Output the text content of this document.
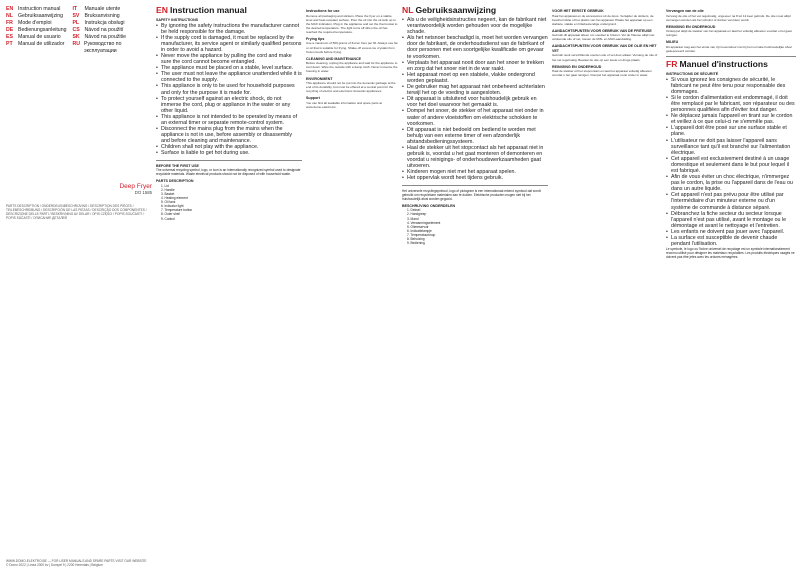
EN Instruction manual
NL Gebruiksaanwijzing
FR Mode d'emploi
DE Bedienungsanleitung
ES Manual de usuario
PT	Manual de utilizador
IT	Manuale utente
SV Bruksanvisning
PL	Instrukcja obsługi
CS Návod na použití
SK Návod na použitie
RU Руководство по эксплуатации
Deep Fryer
DO 1585
PARTS DESCRIPTION / ONDERDELENBESCHRIJVING / DESCRIPTION DES PIÈCES / TEILEBESCHREIBUNG / DESCRIPCIÓN DE LAS PIEZAS / DESCRIÇÃO DOS COMPONENTES / DESCRIZIONE DELLE PARTI / BESKRIVNING AV DELAR / OPIS CZĘŚCI / POPIS SOUČÁSTÍ / POPIS SÚČASTÍ / ОПИСАНИЕ ДЕТАЛЕЙ
WWW.DOMO-ELEKTRO.BE — FOR USER MANUALS AND SPARE PARTS VISIT OUR WEBSITE
© Domo 2022 | Linea 2000 bv | Dompel 9 | 2200 Herentals | Belgium
EN Instruction manual
SAFETY INSTRUCTIONS
• By ignoring the safety instructions the manufacturer cannot be held responsible for the damage.
• If the supply cord is damaged, it must be replaced by the manufacturer, its service agent or similarly qualified persons in order to avoid a hazard.
• Never move the appliance by pulling the cord and make sure the cord cannot become entangled.
• The appliance must be placed on a stable, level surface.
• The user must not leave the appliance unattended while it is connected to the supply.
• This appliance is only to be used for household purposes and only for the purpose it is made for.
• To protect yourself against an electric shock, do not immerse the cord, plug or appliance in the water or any other liquid.
• This appliance is not intended to be operated by means of an external timer or separate remote-control system.
• Disconnect the mains plug from the mains when the appliance is not in use, before assembly or disassembly and before cleaning and maintenance.
• Children shall not play with the appliance.
• Surface is liable to get hot during use.
BEFORE THE FIRST USE

The universal recycling symbol, logo, or icon is an internationally recognized symbol used to designate recyclable materials. Waste electrical products should not be disposed of with household waste.

PARTS DESCRIPTION
1. Lid
2. Handle
3. Basket
4. Heating element
5. Oil tank
6. Indicator light
7. Temperature button
8. Outer shell
9. Control
Instructions for use

Remove all packaging and stickers. Place the fryer on a stable, level and heat-resistant surface. Pour the oil into the oil tank up to the MAX indication. Plug in the appliance and set the thermostat to the desired temperature. The light turns off when the oil has reached the required temperature.

Frying tips

Use a maximum of 500 grams of frozen fries per fill. Always use fat or oil that is suitable for frying. Shake off excess ice crystals from frozen foods before frying.

CLEANING AND MAINTENANCE

Before cleaning, unplug the appliance and wait for the appliance to cool down. Wipe the outside with a damp cloth. Never immerse the housing in water.

ENVIRONMENT

This appliance should not be put into the domestic garbage at the end of its durability, but must be offered at a central point for the recycling of electric and electronic domestic appliances.

Support

You can find all available information and spare parts at www.domo-elektro.be.

NL Gebruiksaanwijzing
• Als u de veiligheidsinstructies negeert, kan de fabrikant niet verantwoordelijk worden gehouden voor de mogelijke schade.
• Als het netsnoer beschadigd is, moet het worden vervangen door de fabrikant, de onderhoudsdienst van de fabrikant of door personen met een soortgelijke kwalificatie om gevaar te voorkomen.
• Verplaats het apparaat nooit door aan het snoer te trekken en zorg dat het snoer niet in de war raakt.
• Het apparaat moet op een stabiele, vlakke ondergrond worden geplaatst.
• De gebruiker mag het apparaat niet onbeheerd achterlaten terwijl het op de voeding is aangesloten.
• Dit apparaat is uitsluitend voor huishoudelijk gebruik en voor het doel waarvoor het gemaakt is.
• Dompel het snoer, de stekker of het apparaat niet onder in water of andere vloeistoffen om elektrische schokken te voorkomen.
• Dit apparaat is niet bedoeld om bediend te worden met behulp van een externe timer of een afzonderlijk afstandsbedieningssysteem.
• Haal de stekker uit het stopcontact als het apparaat niet in gebruik is, voordat u het gaat monteren of demonteren en voordat u reinigings- of onderhoudswerkzaamheden gaat uitvoeren.
• Kinderen mogen niet met het apparaat spelen.
• Het oppervlak wordt heet tijdens gebruik.

Het universele recyclingsymbool, logo of pictogram is een internationaal erkend symbool dat wordt gebruikt om recyclebare materialen aan te duiden. Elektrische producten mogen niet bij het huishoudelijk afval worden gegooid.

BESCHRIJVING ONDERDELEN
1. Deksel
2. Handgreep
3. Mand
4. Verwarmingselement
5. Oliereservoir
6. Indicatielampje
7. Temperatuurknop
8. Behuizing
9. Bediening
VOOR HET EERSTE GEBRUIK

Haal het apparaat en de accessoires uit de doos. Verwijder de stickers, de beschermfolie of het plastic van het apparaat. Plaats het apparaat op een stabiele, vlakke en hittebestendige ondergrond.

AANDACHTSPUNTEN VOOR GEBRUIK VAN DE FRITEUSE

Gebruik dit apparaat alleen om voedsel te frituren. Vul de friteuse altijd met voldoende olie of vet, tussen de MIN- en MAX-aanduiding.

AANDACHTSPUNTEN VOOR GEBRUIK VAN DE OLIE EN HET VET

Gebruik nooit verschillende soorten olie of vet door elkaar. Vervang de olie of het vet regelmatig. Bewaar de olie op een koele en droge plaats.

REINIGING EN ONDERHOUD

Haal de stekker uit het stopcontact en laat het apparaat volledig afkoelen voordat u het gaat reinigen. Dompel het apparaat nooit onder in water.

Vervangen van de olie

Vervang de olie of het vet regelmatig, ongeveer na 8 tot 12 keer gebruik. De olie moet altijd vervangen worden als het schuimt of donker van kleur wordt.

REINIGING EN ONDERHOUD

Ontkoppel altijd de stekker van het apparaat en laat het volledig afkoelen voordat u het gaat reinigen.

MILIEU

Dit apparaat mag aan het einde van zijn levensduur niet bij het normale huishoudelijke afval gedeponeerd worden.

FR Manuel d'instructions
INSTRUCTIONS DE SÉCURITÉ
• Si vous ignorez les consignes de sécurité, le fabricant ne peut être tenu pour responsable des dommages.
• Si le cordon d'alimentation est endommagé, il doit être remplacé par le fabricant, son réparateur ou des personnes qualifiées afin d'éviter tout danger.
• Ne déplacez jamais l'appareil en tirant sur le cordon et veillez à ce que celui-ci ne s'emmêle pas.
• L'appareil doit être posé sur une surface stable et plane.
• L'utilisateur ne doit pas laisser l'appareil sans surveillance tant qu'il est branché sur l'alimentation électrique.
• Cet appareil est exclusivement destiné à un usage domestique et seulement dans le but pour lequel il est fabriqué.
• Afin de vous éviter un choc électrique, n'immergez pas le cordon, la prise ou l'appareil dans de l'eau ou dans un autre liquide.
• Cet appareil n'est pas prévu pour être utilisé par l'intermédiaire d'un minuteur externe ou d'un système de commande à distance séparé.
• Débranchez la fiche secteur du secteur lorsque l'appareil n'est pas utilisé, avant le montage ou le démontage et avant le nettoyage et l'entretien.
• Les enfants ne doivent pas jouer avec l'appareil.
• La surface est susceptible de devenir chaude pendant l'utilisation.

Le symbole, le logo ou l'icône universel de recyclage est un symbole internationalement reconnu utilisé pour désigner les matériaux recyclables. Les produits électriques usagés ne doivent pas être jetés avec les ordures ménagères.
